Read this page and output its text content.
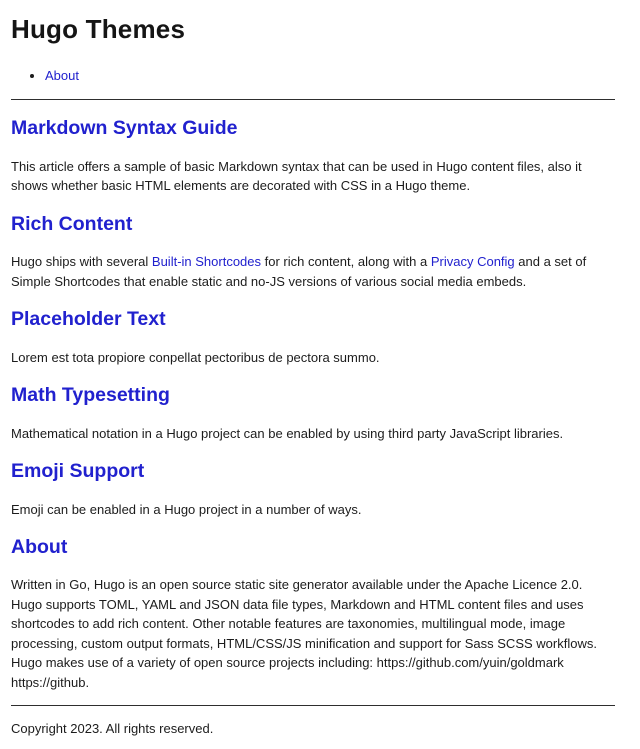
Hugo Themes
• About
Markdown Syntax Guide

This article offers a sample of basic Markdown syntax that can be used in Hugo content files, also it shows whether basic HTML elements are decorated with CSS in a Hugo theme.

Rich Content

Hugo ships with several Built-in Shortcodes for rich content, along with a Privacy Config and a set of Simple Shortcodes that enable static and no-JS versions of various social media embeds.

Placeholder Text

Lorem est tota propiore conpellat pectoribus de pectora summo.

Math Typesetting

Mathematical notation in a Hugo project can be enabled by using third party JavaScript libraries.

Emoji Support

Emoji can be enabled in a Hugo project in a number of ways.

About

Written in Go, Hugo is an open source static site generator available under the Apache Licence 2.0. Hugo supports TOML, YAML and JSON data file types, Markdown and HTML content files and uses shortcodes to add rich content. Other notable features are taxonomies, multilingual mode, image processing, custom output formats, HTML/CSS/JS minification and support for Sass SCSS workflows. Hugo makes use of a variety of open source projects including: https://github.com/yuin/goldmark https://github.

Copyright 2023. All rights reserved.
